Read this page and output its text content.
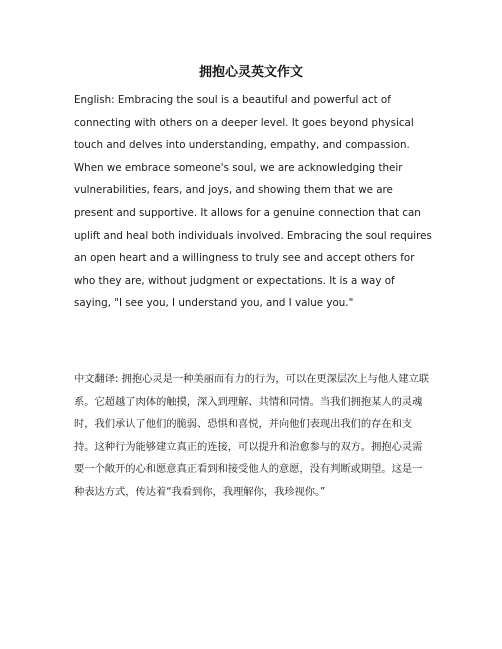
拥抱心灵英文作文

English: Embracing the soul is a beautiful and powerful act of connecting with others on a deeper level. It goes beyond physical touch and delves into understanding, empathy, and compassion. When we embrace someone's soul, we are acknowledging their vulnerabilities, fears, and joys, and showing them that we are present and supportive. It allows for a genuine connection that can uplift and heal both individuals involved. Embracing the soul requires an open heart and a willingness to truly see and accept others for who they are, without judgment or expectations. It is a way of saying, "I see you, I understand you, and I value you."

中文翻译: 拥抱心灵是一种美丽而有力的行为，可以在更深层次上与他人建立联系。它超越了肉体的触摸，深入到理解、共情和同情。当我们拥抱某人的灵魂时，我们承认了他们的脆弱、恐惧和喜悦，并向他们表现出我们的存在和支持。这种行为能够建立真正的连接，可以提升和治愈参与的双方。拥抱心灵需要一个敞开的心和愿意真正看到和接受他人的意愿，没有判断或期望。这是一种表达方式，传达着“我看到你，我理解你，我珍视你。”
